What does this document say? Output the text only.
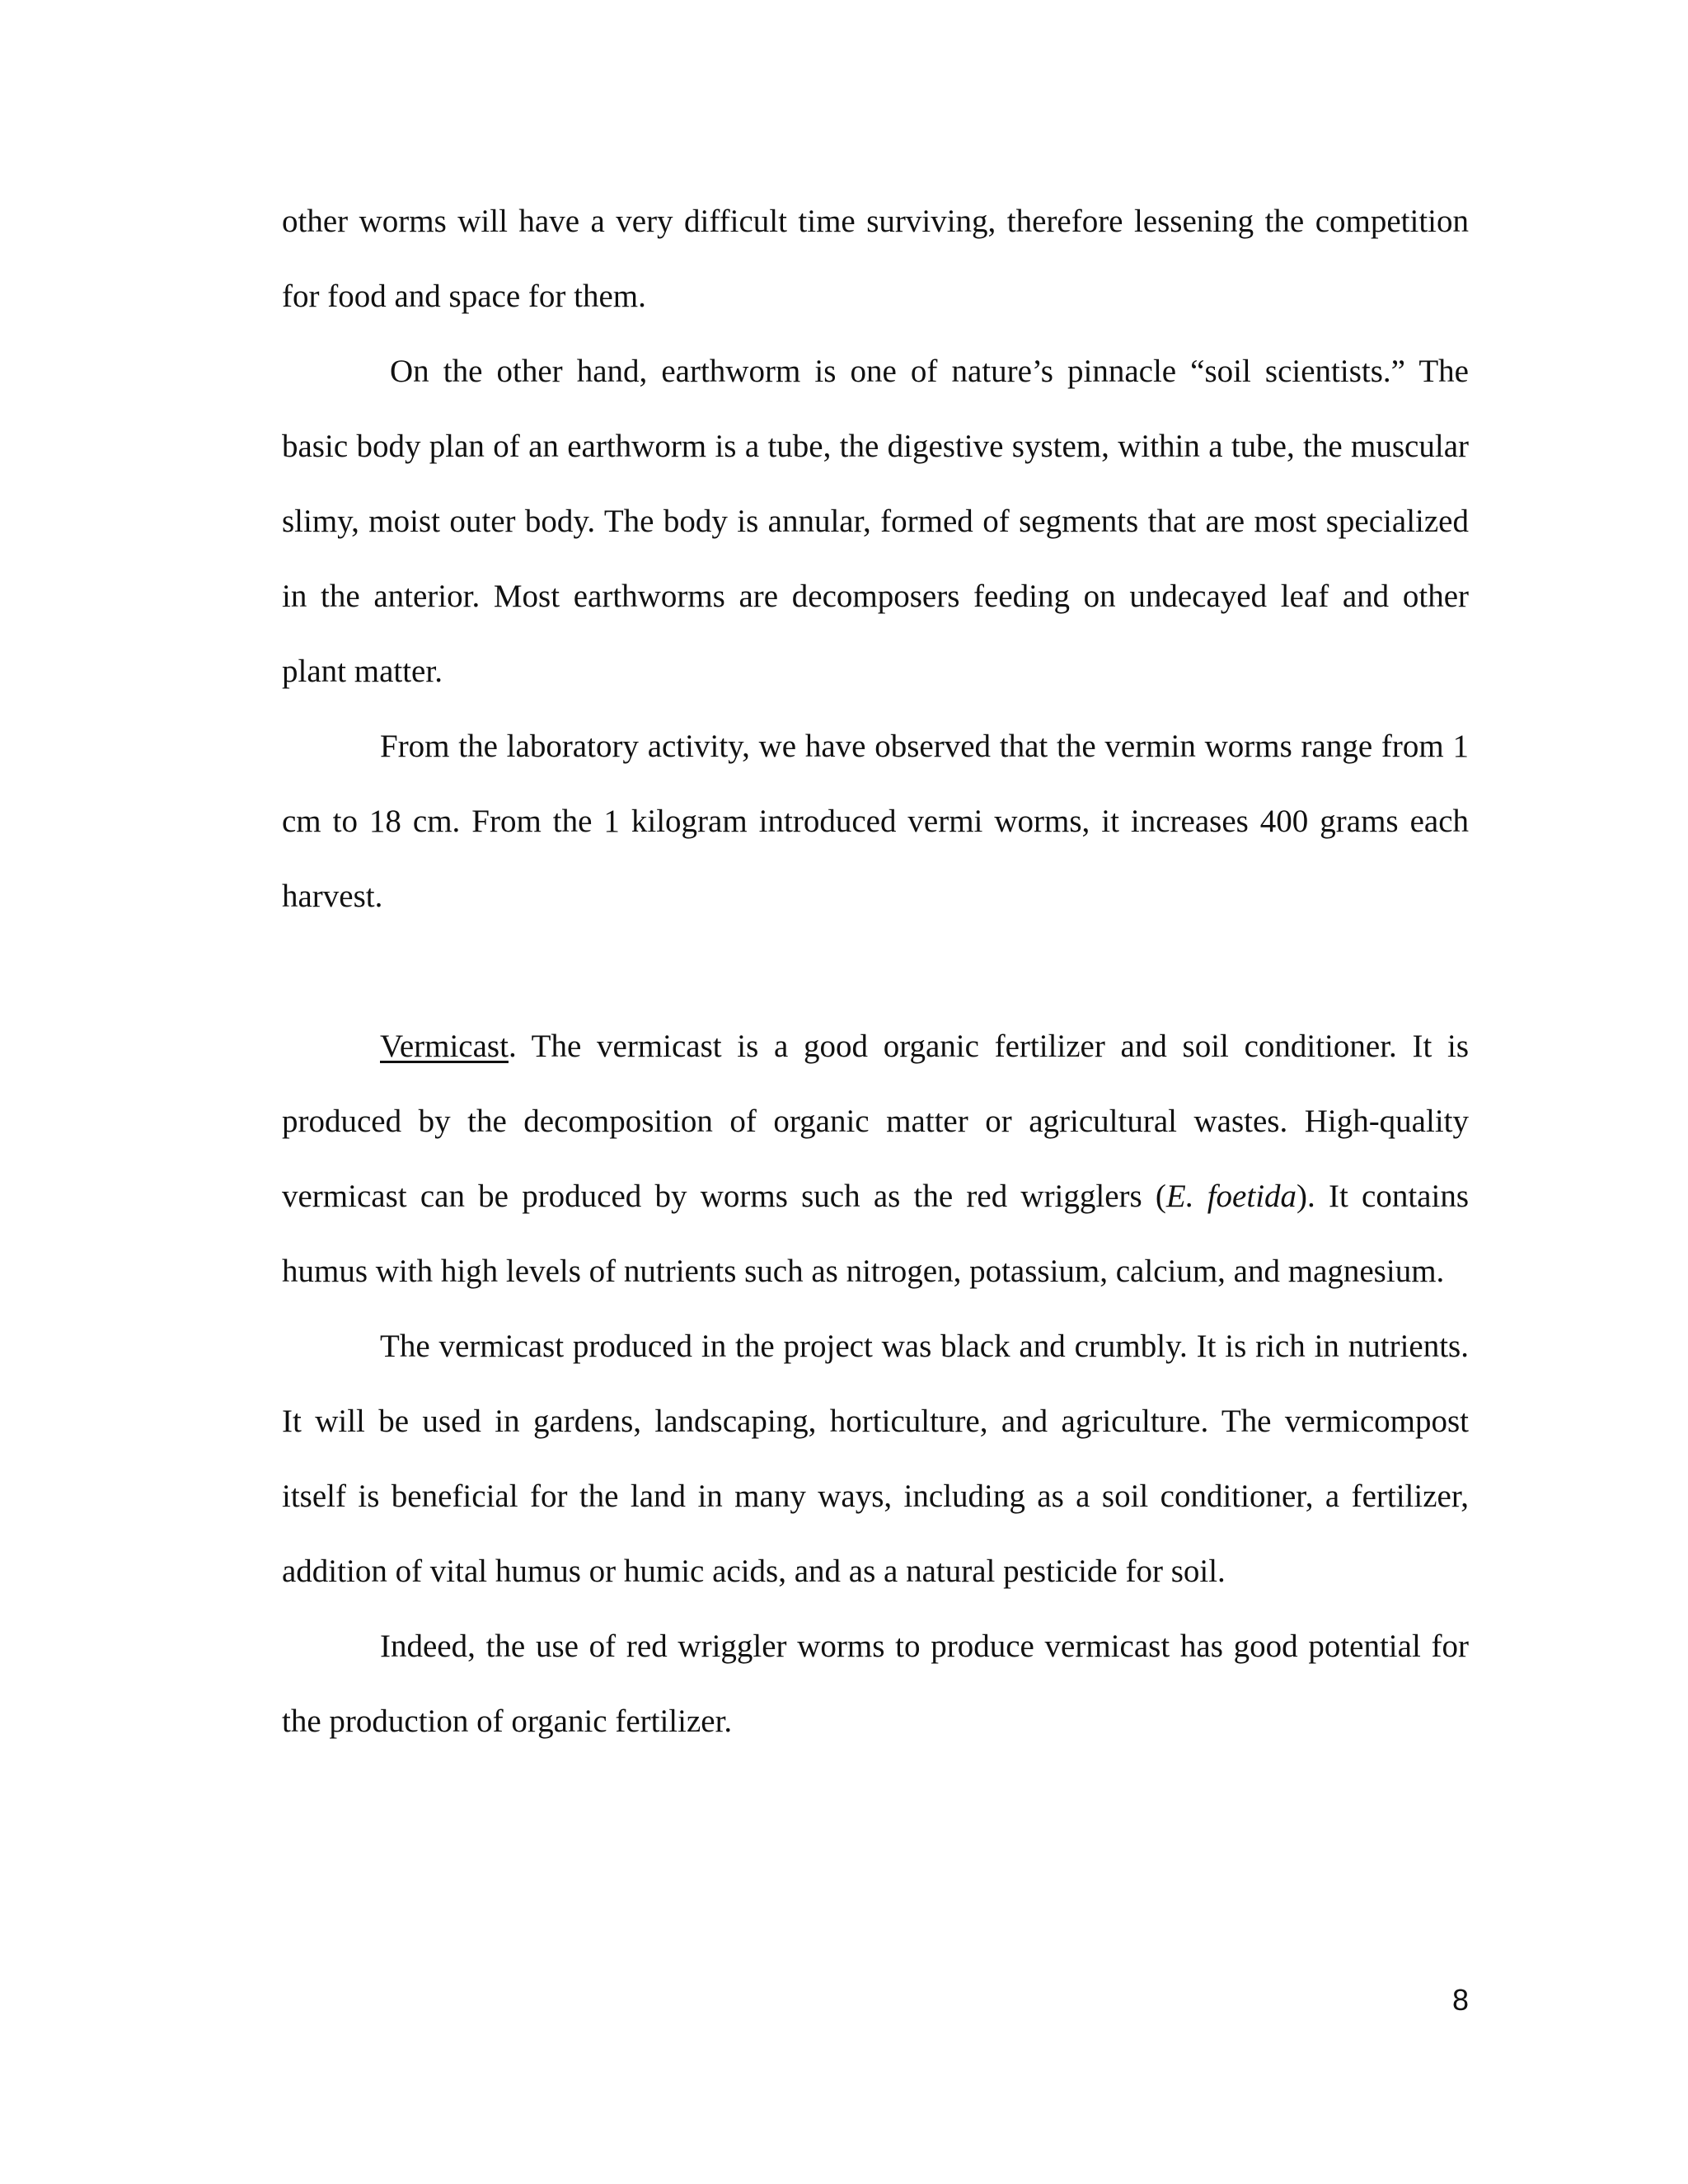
other worms will have a very difficult time surviving, therefore lessening the competition for food and space for them.

On the other hand, earthworm is one of nature’s pinnacle “soil scientists.” The basic body plan of an earthworm is a tube, the digestive system, within a tube, the muscular slimy, moist outer body. The body is annular, formed of segments that are most specialized in the anterior. Most earthworms are decomposers feeding on undecayed leaf and other plant matter.

From the laboratory activity, we have observed that the vermin worms range from 1 cm to 18 cm. From the 1 kilogram introduced vermi worms, it increases 400 grams each harvest.

Vermicast. The vermicast is a good organic fertilizer and soil conditioner. It is produced by the decomposition of organic matter or agricultural wastes. High-quality vermicast can be produced by worms such as the red wrigglers (E. foetida). It contains humus with high levels of nutrients such as nitrogen, potassium, calcium, and magnesium.

The vermicast produced in the project was black and crumbly. It is rich in nutrients. It will be used in gardens, landscaping, horticulture, and agriculture. The vermicompost itself is beneficial for the land in many ways, including as a soil conditioner, a fertilizer, addition of vital humus or humic acids, and as a natural pesticide for soil.

Indeed, the use of red wriggler worms to produce vermicast has good potential for the production of organic fertilizer.

8
